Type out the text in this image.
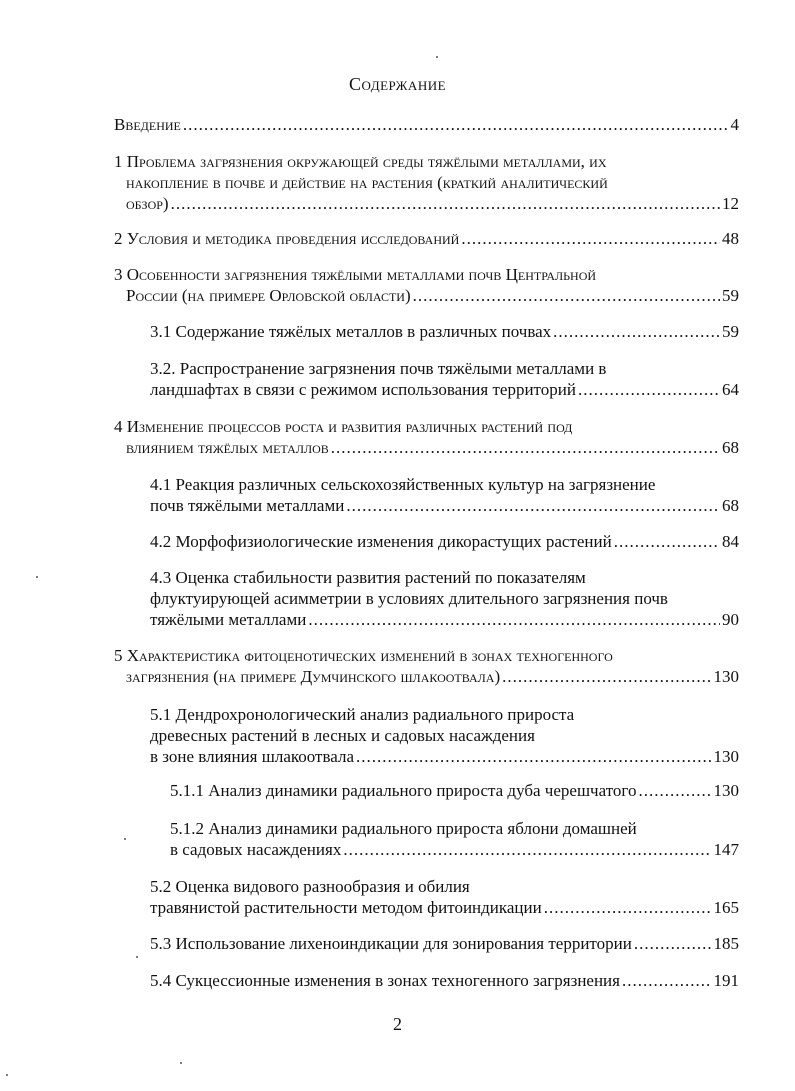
Содержание
Введение .....	4
1 Проблема загрязнения окружающей среды тяжёлыми металлами, их
накопление в почве и действие на растения (краткий аналитический
обзор) .....	12
2 Условия и методика проведения исследований .....	48
3 Особенности загрязнения тяжёлыми металлами почв Центральной
России (на примере Орловской области) .....	59
3.1 Содержание тяжёлых металлов в различных почвах .....	59
3.2. Распространение загрязнения почв тяжёлыми металлами в
ландшафтах в связи с режимом использования территорий .....	64
4 Изменение процессов роста и развития различных растений под
влиянием тяжёлых металлов .....	68
4.1 Реакция различных сельскохозяйственных культур на загрязнение
почв тяжёлыми металлами .....	68
4.2 Морфофизиологические изменения дикорастущих растений .....	84
4.3 Оценка стабильности развития растений по показателям
флуктуирующей асимметрии в условиях длительного загрязнения почв
тяжёлыми металлами .....	90
5 Характеристика фитоценотических изменений в зонах техногенного
загрязнения (на примере Думчинского шлакоотвала) .....	130
5.1 Дендрохронологический анализ радиального прироста
древесных растений в лесных и садовых насаждения
в зоне влияния шлакоотвала .....	130
5.1.1 Анализ динамики радиального прироста дуба черешчатого .....	130
5.1.2 Анализ динамики радиального прироста яблони домашней
в садовых насаждениях .....	147
5.2 Оценка видового разнообразия и обилия
травянистой растительности методом фитоиндикации .....	165
5.3 Использование лихеноиндикации для зонирования территории .....	185
5.4 Сукцессионные изменения в зонах техногенного загрязнения .....	191
2
